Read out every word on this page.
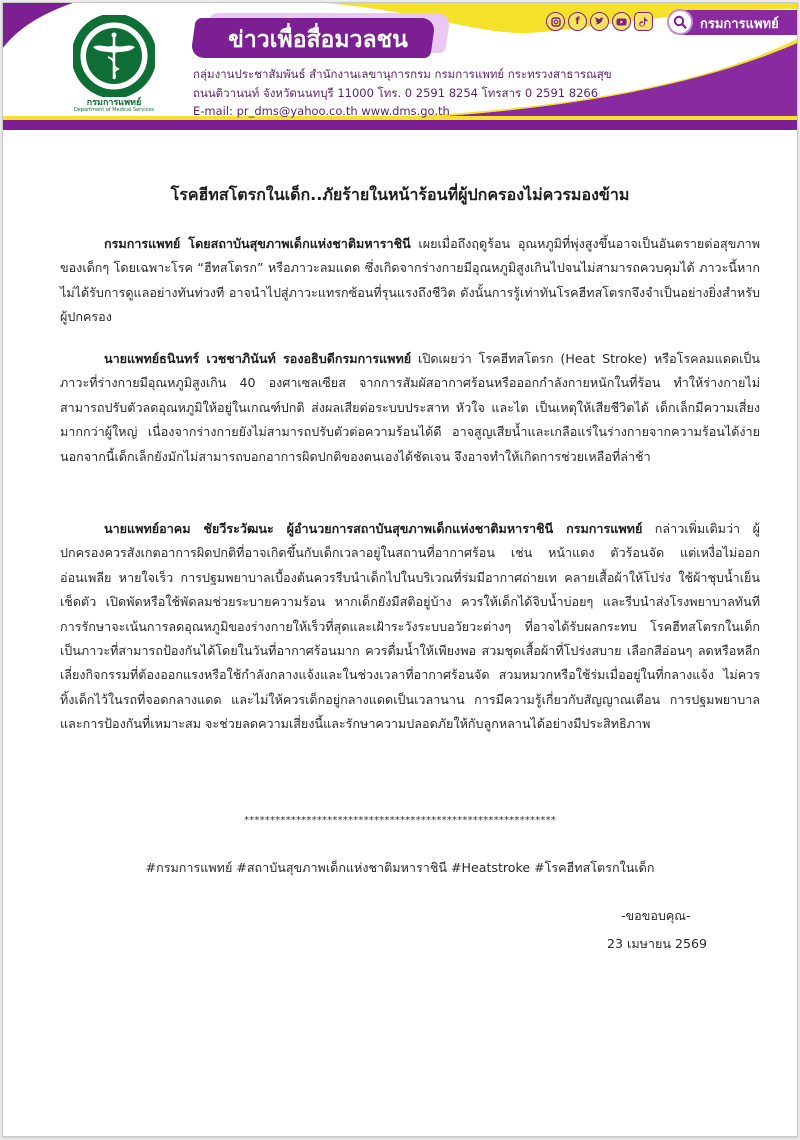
กรมการแพทย์
Department of Medical Services
ข่าวเพื่อสื่อมวลชน
กลุ่มงานประชาสัมพันธ์ สำนักงานเลขานุการกรม กรมการแพทย์ กระทรวงสาธารณสุข
ถนนติวานนท์ จังหวัดนนทบุรี 11000 โทร. 0 2591 8254 โทรสาร 0 2591 8266
E-mail: pr_dms@yahoo.co.th www.dms.go.th
f	กรมการแพทย์
โรคฮีทสโตรกในเด็ก..ภัยร้ายในหน้าร้อนที่ผู้ปกครองไม่ควรมองข้าม
กรมการแพทย์ โดยสถาบันสุขภาพเด็กแห่งชาติมหาราชินี เผยเมื่อถึงฤดูร้อน อุณหภูมิที่พุ่งสูงขึ้นอาจเป็นอันตรายต่อสุขภาพของเด็กๆ โดยเฉพาะโรค “ฮีทสโตรก” หรือภาวะลมแดด ซึ่งเกิดจากร่างกายมีอุณหภูมิสูงเกินไปจนไม่สามารถควบคุมได้ ภาวะนี้หากไม่ได้รับการดูแลอย่างทันท่วงที อาจนำไปสู่ภาวะแทรกซ้อนที่รุนแรงถึงชีวิต ดังนั้นการรู้เท่าทันโรคฮีทสโตรกจึงจำเป็นอย่างยิ่งสำหรับผู้ปกครอง
นายแพทย์ธนินทร์ เวชชาภินันท์ รองอธิบดีกรมการแพทย์ เปิดเผยว่า โรคฮีทสโตรก (Heat Stroke) หรือโรคลมแดดเป็นภาวะที่ร่างกายมีอุณหภูมิสูงเกิน 40 องศาเซลเซียส จากการสัมผัสอากาศร้อนหรือออกกำลังกายหนักในที่ร้อน ทำให้ร่างกายไม่สามารถปรับตัวลดอุณหภูมิให้อยู่ในเกณฑ์ปกติ ส่งผลเสียต่อระบบประสาท หัวใจ และไต เป็นเหตุให้เสียชีวิตได้ เด็กเล็กมีความเสี่ยงมากกว่าผู้ใหญ่ เนื่องจากร่างกายยังไม่สามารถปรับตัวต่อความร้อนได้ดี อาจสูญเสียน้ำและเกลือแร่ในร่างกายจากความร้อนได้ง่าย นอกจากนี้เด็กเล็กยังมักไม่สามารถบอกอาการผิดปกติของตนเองได้ชัดเจน จึงอาจทำให้เกิดการช่วยเหลือที่ล่าช้า
นายแพทย์อาคม ชัยวีระวัฒนะ ผู้อำนวยการสถาบันสุขภาพเด็กแห่งชาติมหาราชินี กรมการแพทย์ กล่าวเพิ่มเติมว่า ผู้ปกครองควรสังเกตอาการผิดปกติที่อาจเกิดขึ้นกับเด็กเวลาอยู่ในสถานที่อากาศร้อน เช่น หน้าแดง ตัวร้อนจัด แต่เหงื่อไม่ออก อ่อนเพลีย หายใจเร็ว การปฐมพยาบาลเบื้องต้นควรรีบนำเด็กไปในบริเวณที่ร่มมีอากาศถ่ายเท คลายเสื้อผ้าให้โปร่ง ใช้ผ้าชุบน้ำเย็นเช็ดตัว เปิดพัดหรือใช้พัดลมช่วยระบายความร้อน หากเด็กยังมีสติอยู่บ้าง ควรให้เด็กได้จิบน้ำบ่อยๆ และรีบนำส่งโรงพยาบาลทันที การรักษาจะเน้นการลดอุณหภูมิของร่างกายให้เร็วที่สุดและเฝ้าระวังระบบอวัยวะต่างๆ ที่อาจได้รับผลกระทบ โรคฮีทสโตรกในเด็กเป็นภาวะที่สามารถป้องกันได้โดยในวันที่อากาศร้อนมาก ควรดื่มน้ำให้เพียงพอ สวมชุดเสื้อผ้าที่โปร่งสบาย เลือกสีอ่อนๆ ลดหรือหลีกเลี่ยงกิจกรรมที่ต้องออกแรงหรือใช้กำลังกลางแจ้งและในช่วงเวลาที่อากาศร้อนจัด สวมหมวกหรือใช้ร่มเมื่ออยู่ในที่กลางแจ้ง ไม่ควรทิ้งเด็กไว้ในรถที่จอดกลางแดด และไม่ให้ควรเด็กอยู่กลางแดดเป็นเวลานาน การมีความรู้เกี่ยวกับสัญญาณเตือน การปฐมพยาบาลและการป้องกันที่เหมาะสม จะช่วยลดความเสี่ยงนี้และรักษาความปลอดภัยให้กับลูกหลานได้อย่างมีประสิทธิภาพ
************************************************************
#กรมการแพทย์ #สถาบันสุขภาพเด็กแห่งชาติมหาราชินี #Heatstroke #โรคฮีทสโตรกในเด็ก
-ขอขอบคุณ-
23 เมษายน 2569
